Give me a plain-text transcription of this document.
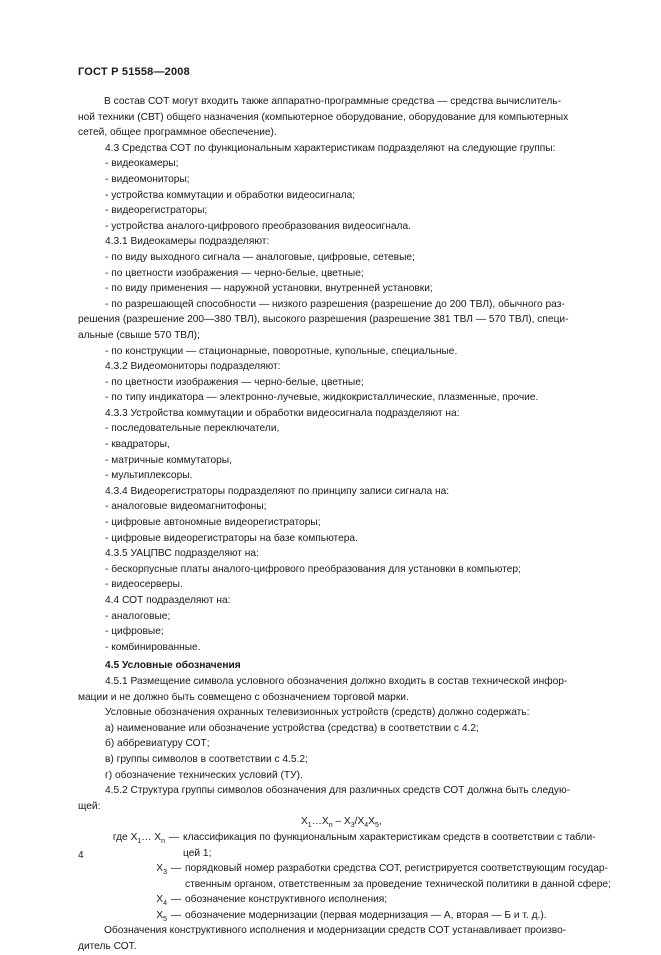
ГОСТ Р 51558—2008

В состав СОТ могут входить также аппаратно-программные средства — средства вычислитель-

ной техники (СВТ) общего назначения (компьютерное оборудование, оборудование для компьютерных

сетей, общее программное обеспечение).

4.3 Средства СОТ по функциональным характеристикам подразделяют на следующие группы:

- видеокамеры;

- видеомониторы;

- устройства коммутации и обработки видеосигнала;

- видеорегистраторы;

- устройства аналого-цифрового преобразования видеосигнала.

4.3.1 Видеокамеры подразделяют:

- по виду выходного сигнала — аналоговые, цифровые, сетевые;

- по цветности изображения — черно-белые, цветные;

- по виду применения — наружной установки, внутренней установки;

- по разрешающей способности — низкого разрешения (разрешение до 200 ТВЛ), обычного раз-

решения (разрешение 200—380 ТВЛ), высокого разрешения (разрешение 381 ТВЛ — 570 ТВЛ), специ-

альные (свыше 570 ТВЛ);

- по конструкции — стационарные, поворотные, купольные, специальные.

4.3.2 Видеомониторы подразделяют:

- по цветности изображения — черно-белые, цветные;

- по типу индикатора — электронно-лучевые, жидкокристаллические, плазменные, прочие.

4.3.3 Устройства коммутации и обработки видеосигнала подразделяют на:

- последовательные переключатели,

- квадраторы,

- матричные коммутаторы,

- мультиплексоры.

4.3.4 Видеорегистраторы подразделяют по принципу записи сигнала на:

- аналоговые видеомагнитофоны;

- цифровые автономные видеорегистраторы;

- цифровые видеорегистраторы на базе компьютера.

4.3.5 УАЦПВС подразделяют на:

- бескорпусные платы аналого-цифрового преобразования для установки в компьютер;

- видеосерверы.

4.4 СОТ подразделяют на:

- аналоговые;

- цифровые;

- комбинированные.

4.5 Условные обозначения

4.5.1 Размещение символа условного обозначения должно входить в состав технической инфор-

мации и не должно быть совмещено с обозначением торговой марки.

Условные обозначения охранных телевизионных устройств (средств) должно содержать:

а) наименование или обозначение устройства (средства) в соответствии с 4.2;

б) аббревиатуру СОТ;

в) группы символов в соответствии с 4.5.2;

г) обозначение технических условий (ТУ).

4.5.2 Структура группы символов обозначения для различных средств СОТ должна быть следую-

щей:

$X_1\dots X_n - X_3/X_4X_5$,

где $X_1\dots$ $X_n$ — классификация по функциональным характеристикам средств в соответствии с табли-
цей 1;
$X_3$ — порядковый номер разработки средства СОТ, регистрируется соответствующим государ-
ственным органом, ответственным за проведение технической политики в данной сфере;
$X_4$ — обозначение конструктивного исполнения;
$X_5$ — обозначение модернизации (первая модернизация — А, вторая — Б и т. д.).

Обозначения конструктивного исполнения и модернизации средств СОТ устанавливает произво-

дитель СОТ.

4
